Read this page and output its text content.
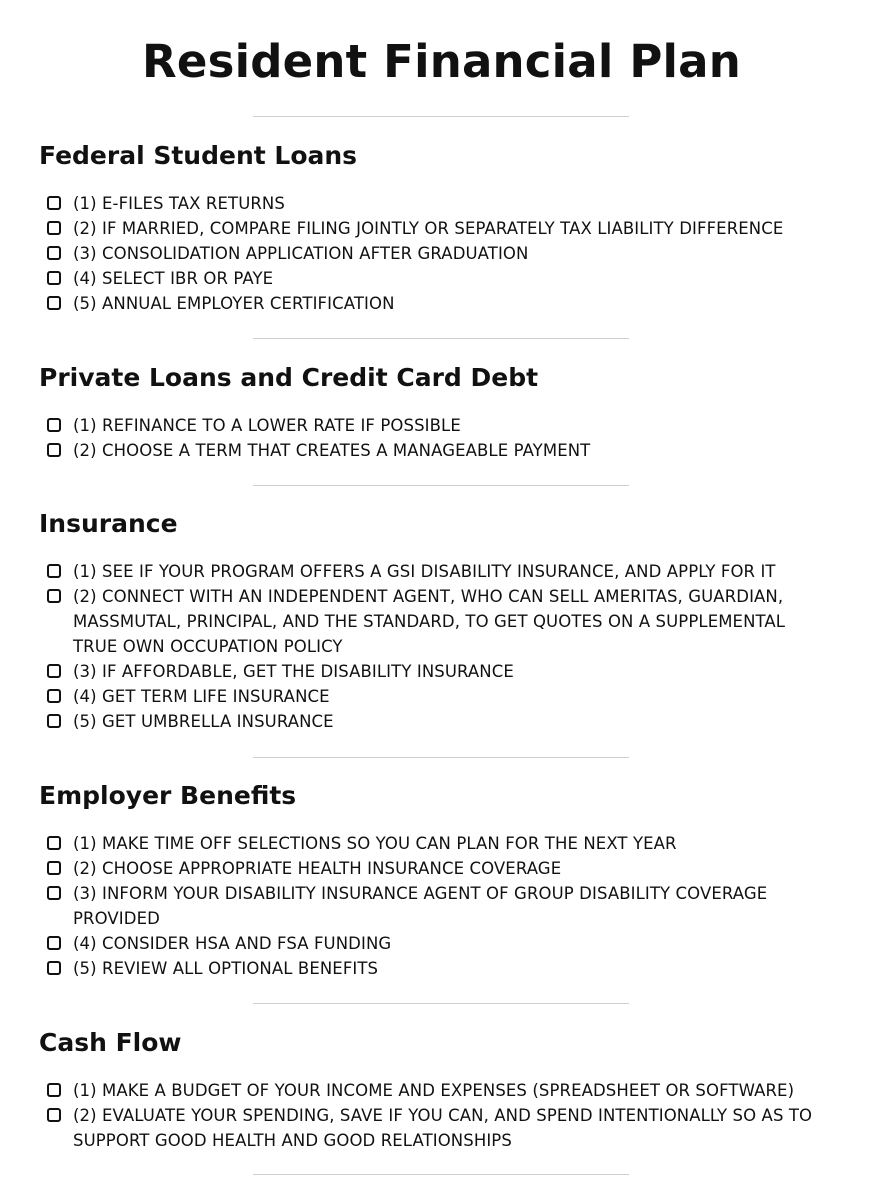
Resident Financial Plan
Federal Student Loans
(1) E-FILES TAX RETURNS
(2) IF MARRIED, COMPARE FILING JOINTLY OR SEPARATELY TAX LIABILITY DIFFERENCE
(3) CONSOLIDATION APPLICATION AFTER GRADUATION
(4) SELECT IBR OR PAYE
(5) ANNUAL EMPLOYER CERTIFICATION
Private Loans and Credit Card Debt
(1) REFINANCE TO A LOWER RATE IF POSSIBLE
(2) CHOOSE A TERM THAT CREATES A MANAGEABLE PAYMENT
Insurance
(1) SEE IF YOUR PROGRAM OFFERS A GSI DISABILITY INSURANCE, AND APPLY FOR IT
(2) CONNECT WITH AN INDEPENDENT AGENT, WHO CAN SELL AMERITAS, GUARDIAN, MASSMUTAL, PRINCIPAL, AND THE STANDARD, TO GET QUOTES ON A SUPPLEMENTAL TRUE OWN OCCUPATION POLICY
(3) IF AFFORDABLE, GET THE DISABILITY INSURANCE
(4) GET TERM LIFE INSURANCE
(5) GET UMBRELLA INSURANCE
Employer Benefits
(1) MAKE TIME OFF SELECTIONS SO YOU CAN PLAN FOR THE NEXT YEAR
(2) CHOOSE APPROPRIATE HEALTH INSURANCE COVERAGE
(3) INFORM YOUR DISABILITY INSURANCE AGENT OF GROUP DISABILITY COVERAGE PROVIDED
(4) CONSIDER HSA AND FSA FUNDING
(5) REVIEW ALL OPTIONAL BENEFITS
Cash Flow
(1) MAKE A BUDGET OF YOUR INCOME AND EXPENSES (SPREADSHEET OR SOFTWARE)
(2) EVALUATE YOUR SPENDING, SAVE IF YOU CAN, AND SPEND INTENTIONALLY SO AS TO SUPPORT GOOD HEALTH AND GOOD RELATIONSHIPS
